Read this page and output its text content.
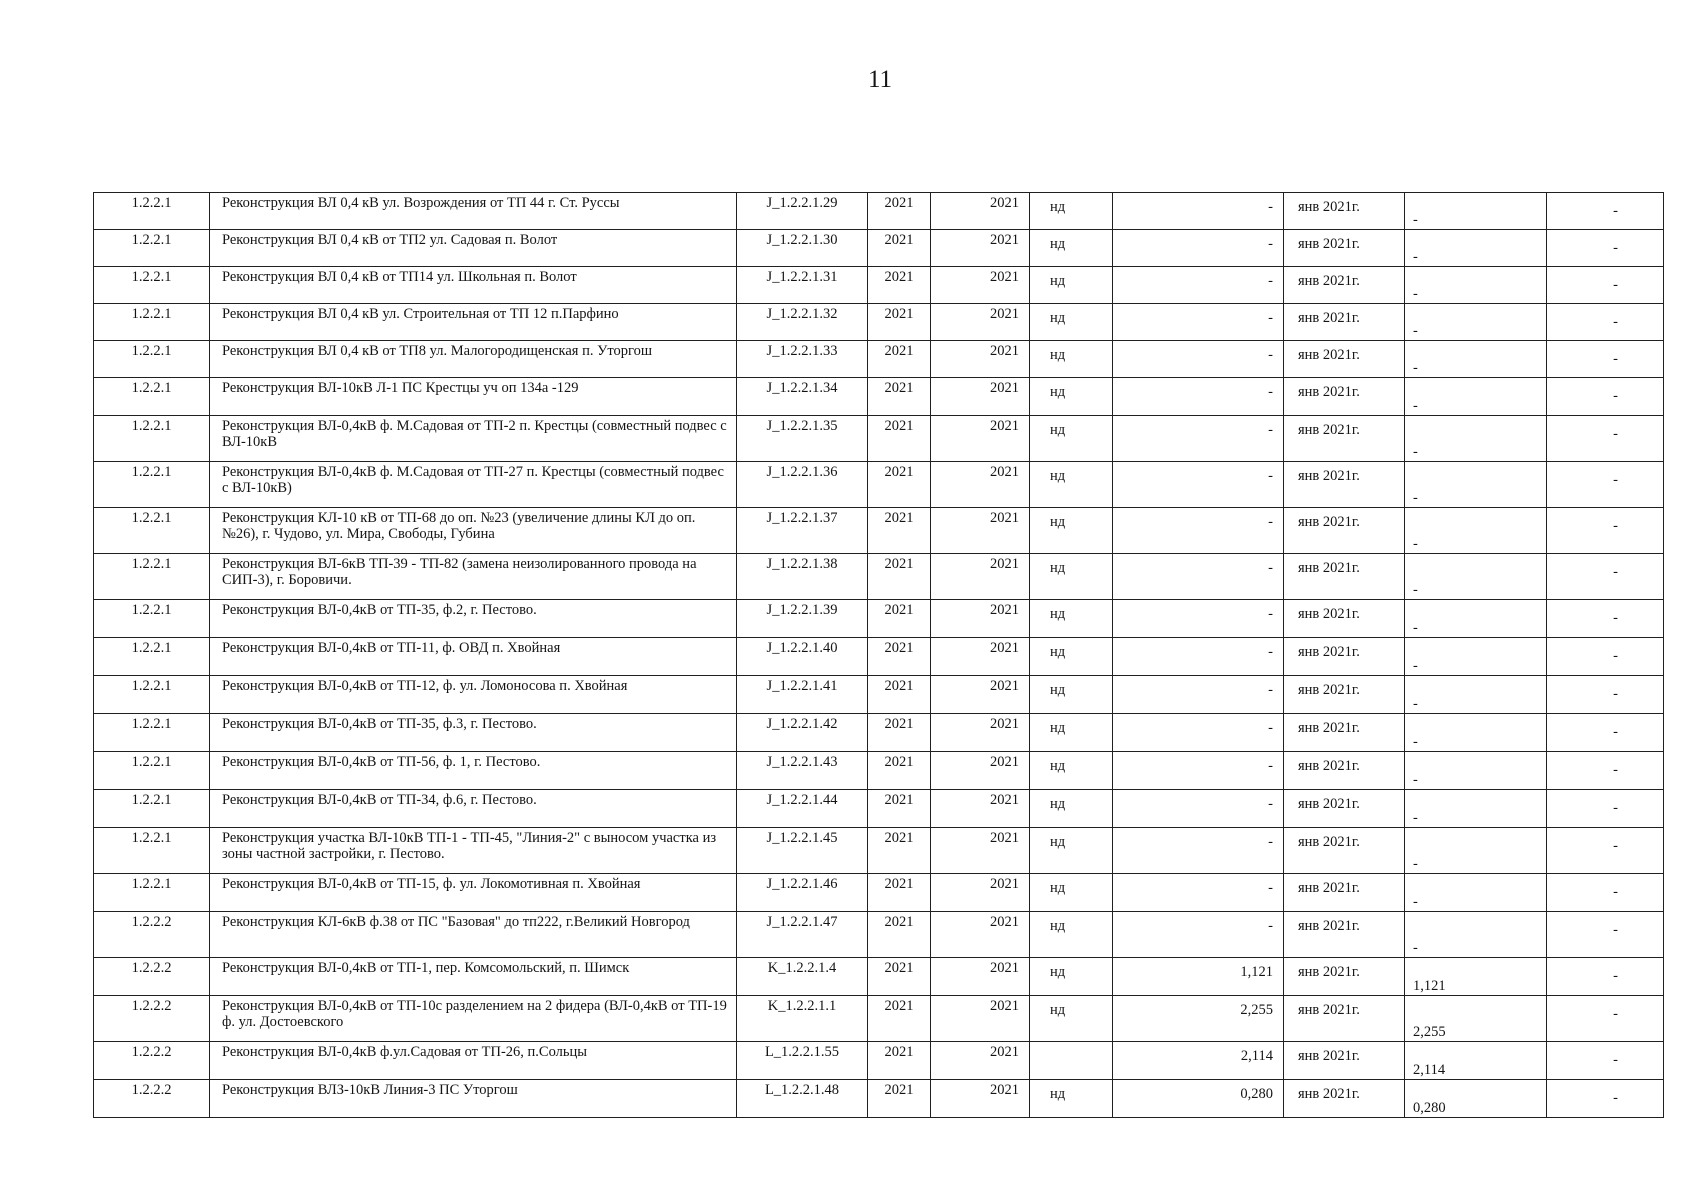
11
1.2.2.1	Реконструкция ВЛ 0,4 кВ ул. Возрождения от ТП 44 г. Ст. Руссы	J_1.2.2.1.29	2021	2021	нд	-	янв 2021г.	-	-
1.2.2.1	Реконструкция ВЛ 0,4 кВ от ТП2 ул. Садовая п. Волот	J_1.2.2.1.30	2021	2021	нд	-	янв 2021г.	-	-
1.2.2.1	Реконструкция ВЛ 0,4 кВ от ТП14 ул. Школьная п. Волот	J_1.2.2.1.31	2021	2021	нд	-	янв 2021г.	-	-
1.2.2.1	Реконструкция ВЛ 0,4 кВ ул. Строительная от ТП 12 п.Парфино	J_1.2.2.1.32	2021	2021	нд	-	янв 2021г.	-	-
1.2.2.1	Реконструкция ВЛ 0,4 кВ от ТП8 ул. Малогородищенская п. Уторгош	J_1.2.2.1.33	2021	2021	нд	-	янв 2021г.	-	-
1.2.2.1	Реконструкция ВЛ-10кВ Л-1 ПС Крестцы уч оп 134а -129	J_1.2.2.1.34	2021	2021	нд	-	янв 2021г.	-	-
1.2.2.1	Реконструкция ВЛ-0,4кВ ф. М.Садовая от ТП-2 п. Крестцы (совместный подвес с ВЛ-10кВ	J_1.2.2.1.35	2021	2021	нд	-	янв 2021г.	-	-
1.2.2.1	Реконструкция ВЛ-0,4кВ ф. М.Садовая от ТП-27 п. Крестцы (совместный подвес с ВЛ-10кВ)	J_1.2.2.1.36	2021	2021	нд	-	янв 2021г.	-	-
1.2.2.1	Реконструкция КЛ-10 кВ от ТП-68 до оп. №23 (увеличение длины КЛ до оп. №26), г. Чудово, ул. Мира, Свободы, Губина	J_1.2.2.1.37	2021	2021	нд	-	янв 2021г.	-	-
1.2.2.1	Реконструкция ВЛ-6кВ ТП-39 - ТП-82 (замена неизолированного провода на СИП-3), г. Боровичи.	J_1.2.2.1.38	2021	2021	нд	-	янв 2021г.	-	-
1.2.2.1	Реконструкция ВЛ-0,4кВ от ТП-35, ф.2, г. Пестово.	J_1.2.2.1.39	2021	2021	нд	-	янв 2021г.	-	-
1.2.2.1	Реконструкция ВЛ-0,4кВ от ТП-11, ф. ОВД п. Хвойная	J_1.2.2.1.40	2021	2021	нд	-	янв 2021г.	-	-
1.2.2.1	Реконструкция ВЛ-0,4кВ от ТП-12, ф. ул. Ломоносова п. Хвойная	J_1.2.2.1.41	2021	2021	нд	-	янв 2021г.	-	-
1.2.2.1	Реконструкция ВЛ-0,4кВ от ТП-35, ф.3, г. Пестово.	J_1.2.2.1.42	2021	2021	нд	-	янв 2021г.	-	-
1.2.2.1	Реконструкция ВЛ-0,4кВ от ТП-56, ф. 1, г. Пестово.	J_1.2.2.1.43	2021	2021	нд	-	янв 2021г.	-	-
1.2.2.1	Реконструкция ВЛ-0,4кВ от ТП-34, ф.6, г. Пестово.	J_1.2.2.1.44	2021	2021	нд	-	янв 2021г.	-	-
1.2.2.1	Реконструкция участка ВЛ-10кВ ТП-1 - ТП-45, "Линия-2" с выносом участка из зоны частной застройки, г. Пестово.	J_1.2.2.1.45	2021	2021	нд	-	янв 2021г.	-	-
1.2.2.1	Реконструкция ВЛ-0,4кВ от ТП-15, ф. ул. Локомотивная п. Хвойная	J_1.2.2.1.46	2021	2021	нд	-	янв 2021г.	-	-
1.2.2.2	Реконструкция КЛ-6кВ ф.38 от ПС "Базовая" до тп222, г.Великий Новгород	J_1.2.2.1.47	2021	2021	нд	-	янв 2021г.	-	-
1.2.2.2	Реконструкция ВЛ-0,4кВ от ТП-1, пер. Комсомольский, п. Шимск	K_1.2.2.1.4	2021	2021	нд	1,121	янв 2021г.	1,121	-
1.2.2.2	Реконструкция ВЛ-0,4кВ от ТП-10с разделением на 2 фидера (ВЛ-0,4кВ от ТП-19 ф. ул. Достоевского	K_1.2.2.1.1	2021	2021	нд	2,255	янв 2021г.	2,255	-
1.2.2.2	Реконструкция ВЛ-0,4кВ ф.ул.Садовая от ТП-26, п.Сольцы	L_1.2.2.1.55	2021	2021		2,114	янв 2021г.	2,114	-
1.2.2.2	Реконструкция ВЛЗ-10кВ Линия-3 ПС Уторгош	L_1.2.2.1.48	2021	2021	нд	0,280	янв 2021г.	0,280	-
